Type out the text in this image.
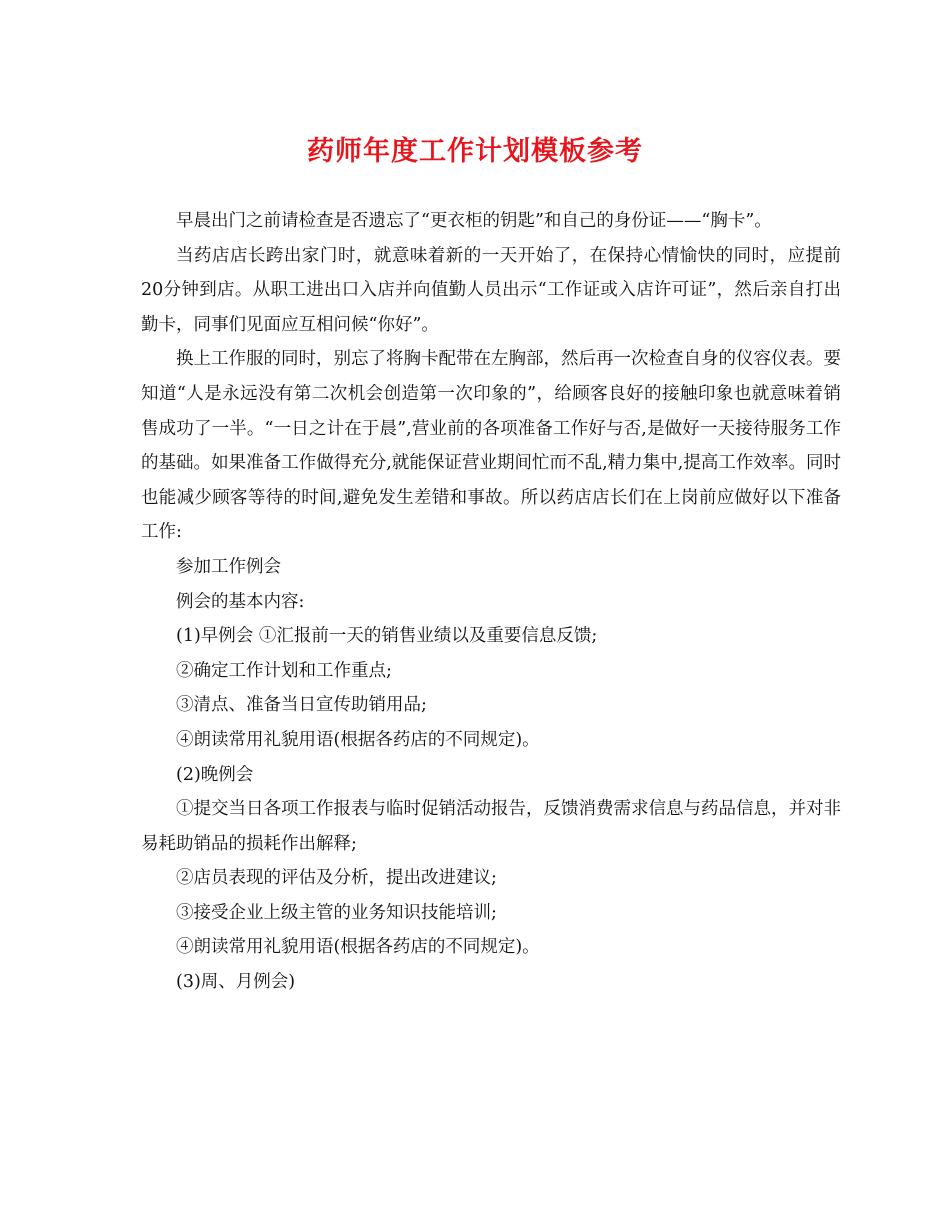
药师年度工作计划模板参考

早晨出门之前请检查是否遗忘了“更衣柜的钥匙”和自己的身份证——“胸卡”。

当药店店长跨出家门时，就意味着新的一天开始了，在保持心情愉快的同时，应提前20分钟到店。从职工进出口入店并向值勤人员出示“工作证或入店许可证”，然后亲自打出勤卡，同事们见面应互相问候“你好”。

换上工作服的同时，别忘了将胸卡配带在左胸部，然后再一次检查自身的仪容仪表。要知道“人是永远没有第二次机会创造第一次印象的”，给顾客良好的接触印象也就意味着销售成功了一半。“一日之计在于晨”,营业前的各项准备工作好与否,是做好一天接待服务工作的基础。如果准备工作做得充分,就能保证营业期间忙而不乱,精力集中,提高工作效率。同时也能减少顾客等待的时间,避免发生差错和事故。所以药店店长们在上岗前应做好以下准备工作:

参加工作例会

例会的基本内容:

(1)早例会 ①汇报前一天的销售业绩以及重要信息反馈;

②确定工作计划和工作重点;

③清点、准备当日宣传助销用品;

④朗读常用礼貌用语(根据各药店的不同规定)。

(2)晚例会

①提交当日各项工作报表与临时促销活动报告，反馈消费需求信息与药品信息，并对非易耗助销品的损耗作出解释;

②店员表现的评估及分析，提出改进建议;

③接受企业上级主管的业务知识技能培训;

④朗读常用礼貌用语(根据各药店的不同规定)。

(3)周、月例会)
